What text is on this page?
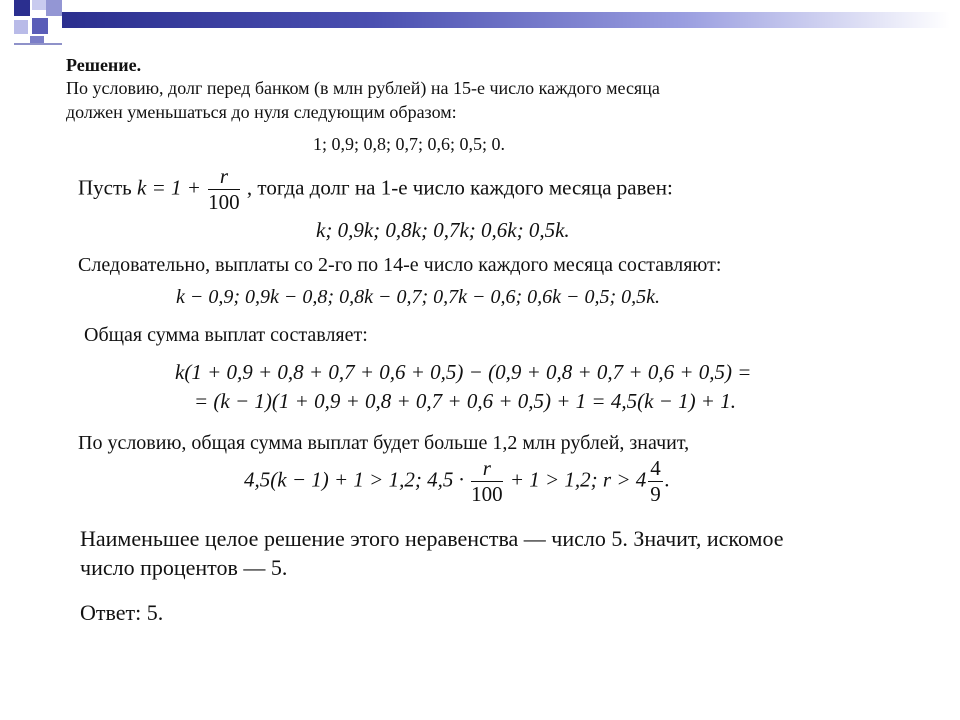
Решение.
По условию, долг перед банком (в млн рублей) на 15-е число каждого месяца
должен уменьшаться до нуля следующим образом:
1; 0,9; 0,8; 0,7; 0,6; 0,5; 0.
Пусть $k = 1 + \frac{r}{100}$ , тогда долг на 1-е число каждого месяца равен:
k; 0,9k; 0,8k; 0,7k; 0,6k; 0,5k.
Следовательно, выплаты со 2-го по 14-е число каждого месяца составляют:
k − 0,9; 0,9k − 0,8; 0,8k − 0,7; 0,7k − 0,6; 0,6k − 0,5; 0,5k.
Общая сумма выплат составляет:
k(1 + 0,9 + 0,8 + 0,7 + 0,6 + 0,5) − (0,9 + 0,8 + 0,7 + 0,6 + 0,5) =
= (k − 1)(1 + 0,9 + 0,8 + 0,7 + 0,6 + 0,5) + 1 = 4,5(k − 1) + 1.
По условию, общая сумма выплат будет больше 1,2 млн рублей, значит,
4,5(k − 1) + 1 > 1,2; $4,5 \cdot \frac{r}{100} + 1 > 1,2$; $r > 4 \frac{4}{9}$ .
Наименьшее целое решение этого неравенства — число 5. Значит, искомое
число процентов — 5.
Ответ: 5.
